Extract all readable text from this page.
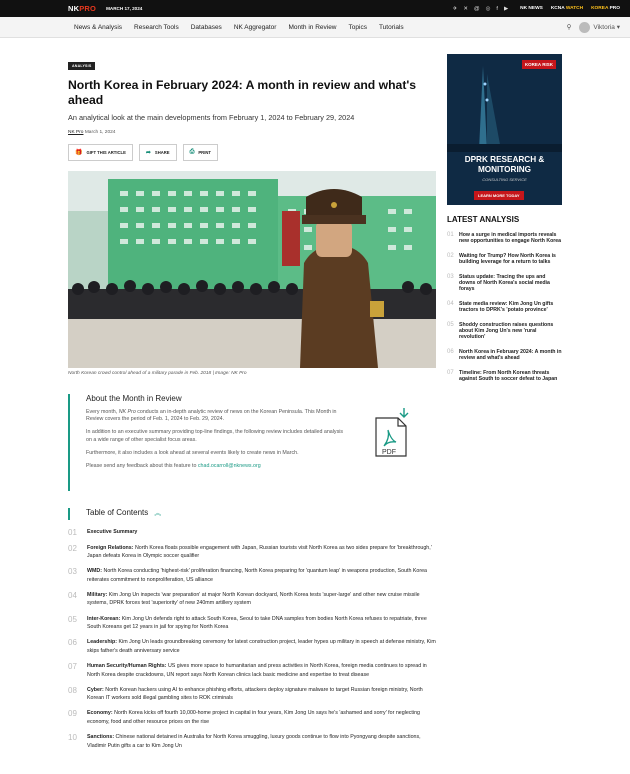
NKPRO MARCH 17, 2024	✈ ✕ @ ◎ f ▶	NK NEWS KCNA WATCH KOREA PRO
News & Analysis Research Tools Databases NK Aggregator Month in Review Topics Tutorials	⚲	Viktoria ▾
ANALYSIS
North Korea in February 2024: A month in review and what's ahead
An analytical look at the main developments from February 1, 2024 to February 29, 2024
NK Pro March 1, 2024
🎁 GIFT THIS ARTICLE	➦ SHARE	⎙ PRINT
North Korean crowd control ahead of a military parade in Feb. 2018 | Image: NK Pro
About the Month in Review

Every month, NK Pro conducts an in-depth analytic review of news on the Korean Peninsula. This Month in Review covers the period of Feb. 1, 2024 to Feb. 29, 2024.

In addition to an executive summary providing top-line findings, the following review includes detailed analysis on a wide range of other specialist focus areas.

Furthermore, it also includes a look ahead at several events likely to create news in March.

Please send any feedback about this feature to chad.ocarroll@nknews.org

PDF
Table of Contents ︽
01	Executive Summary
02	Foreign Relations: North Korea floats possible engagement with Japan, Russian tourists visit North Korea as two sides prepare for 'breakthrough,' Japan defeats Korea in Olympic soccer qualifier
03	WMD: North Korea conducting 'highest-risk' proliferation financing, North Korea preparing for 'quantum leap' in weapons production, South Korea reiterates commitment to nonproliferation, US alliance
04	Military: Kim Jong Un inspects 'war preparation' at major North Korean dockyard, North Korea tests 'super-large' and other new cruise missile systems, DPRK forces test 'superiority' of new 240mm artillery system
05	Inter-Korean: Kim Jong Un defends right to attack South Korea, Seoul to take DNA samples from bodies North Korea refuses to repatriate, three South Koreans get 12 years in jail for spying for North Korea
06	Leadership: Kim Jong Un leads groundbreaking ceremony for latest construction project, leader hypes up military in speech at defense ministry, Kim skips father's death anniversary service
07	Human Security/Human Rights: US gives more space to humanitarian and press activities in North Korea, foreign media continues to spread in North Korea despite crackdowns, UN report says North Korean clinics lack basic medicine and expertise to treat disease
08	Cyber: North Korean hackers using AI to enhance phishing efforts, attackers deploy signature malware to target Russian foreign ministry, North Korean IT workers sold illegal gambling sites to ROK criminals
09	Economy: North Korea kicks off fourth 10,000-home project in capital in four years, Kim Jong Un says he's 'ashamed and sorry' for neglecting economy, food and other resource prices on the rise
10	Sanctions: Chinese national detained in Australia for North Korea smuggling, luxury goods continue to flow into Pyongyang despite sanctions, Vladimir Putin gifts a car to Kim Jong Un
KOREA RISK
DPRK RESEARCH & MONITORING
CONSULTING SERVICE
LEARN MORE TODAY
LATEST ANALYSIS
01	How a surge in medical imports reveals new opportunities to engage North Korea
02	Waiting for Trump? How North Korea is building leverage for a return to talks
03	Status update: Tracing the ups and downs of North Korea's social media forays
04	State media review: Kim Jong Un gifts tractors to DPRK's 'potato province'
05	Shoddy construction raises questions about Kim Jong Un's new 'rural revolution'
06	North Korea in February 2024: A month in review and what's ahead
07	Timeline: From North Korean threats against South to soccer defeat to Japan
